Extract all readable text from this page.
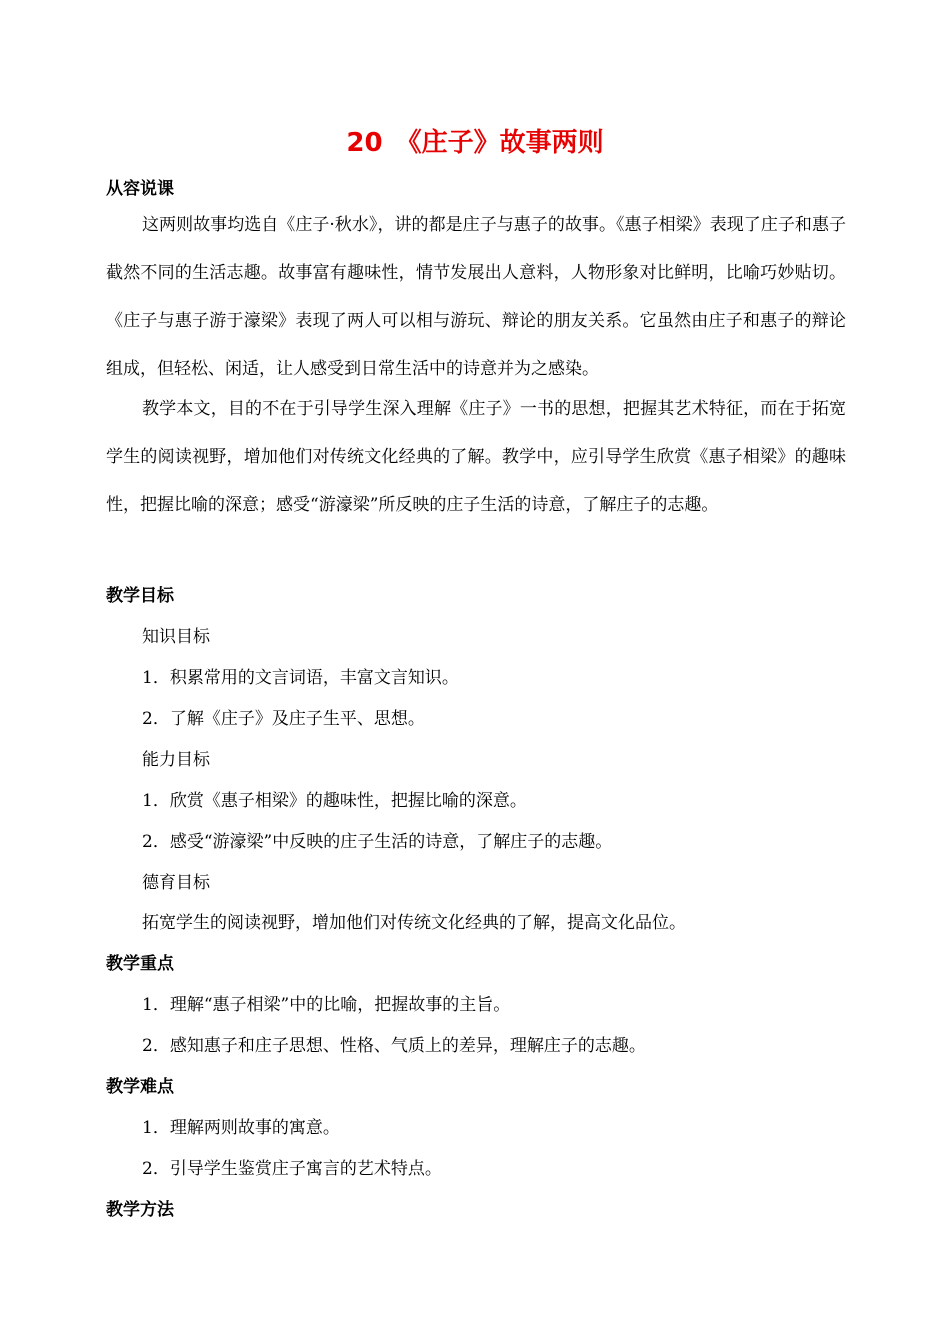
20　《庄子》故事两则
从容说课
这两则故事均选自《庄子·秋水》，讲的都是庄子与惠子的故事。《惠子相梁》表现了庄子和惠子截然不同的生活志趣。故事富有趣味性，情节发展出人意料，人物形象对比鲜明，比喻巧妙贴切。《庄子与惠子游于濠梁》表现了两人可以相与游玩、辩论的朋友关系。它虽然由庄子和惠子的辩论组成，但轻松、闲适，让人感受到日常生活中的诗意并为之感染。
教学本文，目的不在于引导学生深入理解《庄子》一书的思想，把握其艺术特征，而在于拓宽学生的阅读视野，增加他们对传统文化经典的了解。教学中，应引导学生欣赏《惠子相梁》的趣味性，把握比喻的深意；感受“游濠梁”所反映的庄子生活的诗意，了解庄子的志趣。
教学目标
知识目标
1．积累常用的文言词语，丰富文言知识。
2．了解《庄子》及庄子生平、思想。
能力目标
1．欣赏《惠子相梁》的趣味性，把握比喻的深意。
2．感受“游濠梁”中反映的庄子生活的诗意，了解庄子的志趣。
德育目标
拓宽学生的阅读视野，增加他们对传统文化经典的了解，提高文化品位。
教学重点
1．理解“惠子相梁”中的比喻，把握故事的主旨。
2．感知惠子和庄子思想、性格、气质上的差异，理解庄子的志趣。
教学难点
1．理解两则故事的寓意。
2．引导学生鉴赏庄子寓言的艺术特点。
教学方法
